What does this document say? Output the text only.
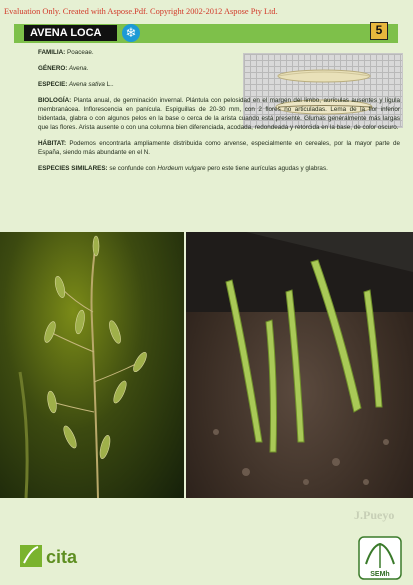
Evaluation Only. Created with Aspose.Pdf. Copyright 2002-2012 Aspose Pty Ltd.
AVENA LOCA	❄	5

FAMILIA: Poaceae.

GÉNERO: Avena.

ESPECIE: Avena sativa L..

BIOLOGÍA: Planta anual, de germinación invernal. Plántula con pelosidad en el margen del limbo, aurículas ausentes y lígula membranácea. Inflorescencia en panícula. Espiguillas de 20-30 mm, con 2 flores no articuladas. Lema de la flor inferior bidentada, glabra o con algunos pelos en la base o cerca de la arista cuando está presente. Glumas generalmente más largas que las flores. Arista ausente o con una columna bien diferenciada, acodada, redondeada y retorcida en la base, de color oscuro.

HÁBITAT: Podemos encontrarla ampliamente distribuida como arvense, especialmente en cereales, por la mayor parte de España, siendo más abundante en el N.

ESPECIES SIMILARES: se confunde con Hordeum vulgare pero este tiene aurículas agudas y glabras.

J.Pueyo
cita
SEMh
